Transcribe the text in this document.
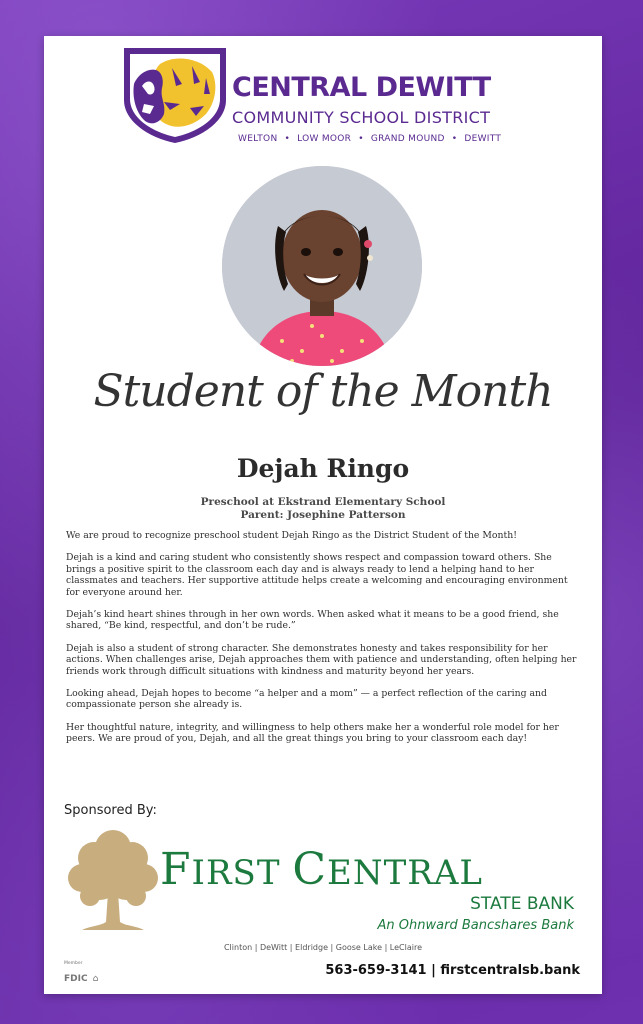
CENTRAL DEWITT
COMMUNITY SCHOOL DISTRICT
WELTON • LOW MOOR • GRAND MOUND • DEWITT
Student of the Month
Dejah Ringo
Preschool at Ekstrand Elementary School
Parent: Josephine Patterson

We are proud to recognize preschool student Dejah Ringo as the District Student of the Month!

Dejah is a kind and caring student who consistently shows respect and compassion toward others. She brings a positive spirit to the classroom each day and is always ready to lend a helping hand to her classmates and teachers. Her supportive attitude helps create a welcoming and encouraging environment for everyone around her.

Dejah’s kind heart shines through in her own words. When asked what it means to be a good friend, she shared, “Be kind, respectful, and don’t be rude.”

Dejah is also a student of strong character. She demonstrates honesty and takes responsibility for her actions. When challenges arise, Dejah approaches them with patience and understanding, often helping her friends work through difficult situations with kindness and maturity beyond her years.

Looking ahead, Dejah hopes to become “a helper and a mom” — a perfect reflection of the caring and compassionate person she already is.

Her thoughtful nature, integrity, and willingness to help others make her a wonderful role model for her peers. We are proud of you, Dejah, and all the great things you bring to your classroom each day!

Sponsored By:
FIRST CENTRAL
STATE BANK
An Ohnward Bancshares Bank
Clinton | DeWitt | Eldridge | Goose Lake | LeClaire
Member
FDIC ⌂
563-659-3141 | firstcentralsb.bank
